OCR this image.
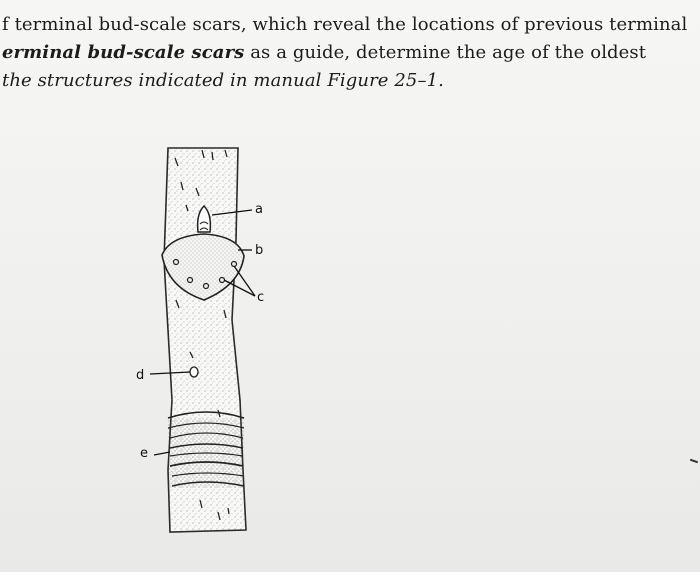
f terminal bud-scale scars, which reveal the locations of previous terminal
erminal bud-scale scars as a guide, determine the age of the oldest
the structures indicated in manual Figure 25–1.
a
b
c
d
e
